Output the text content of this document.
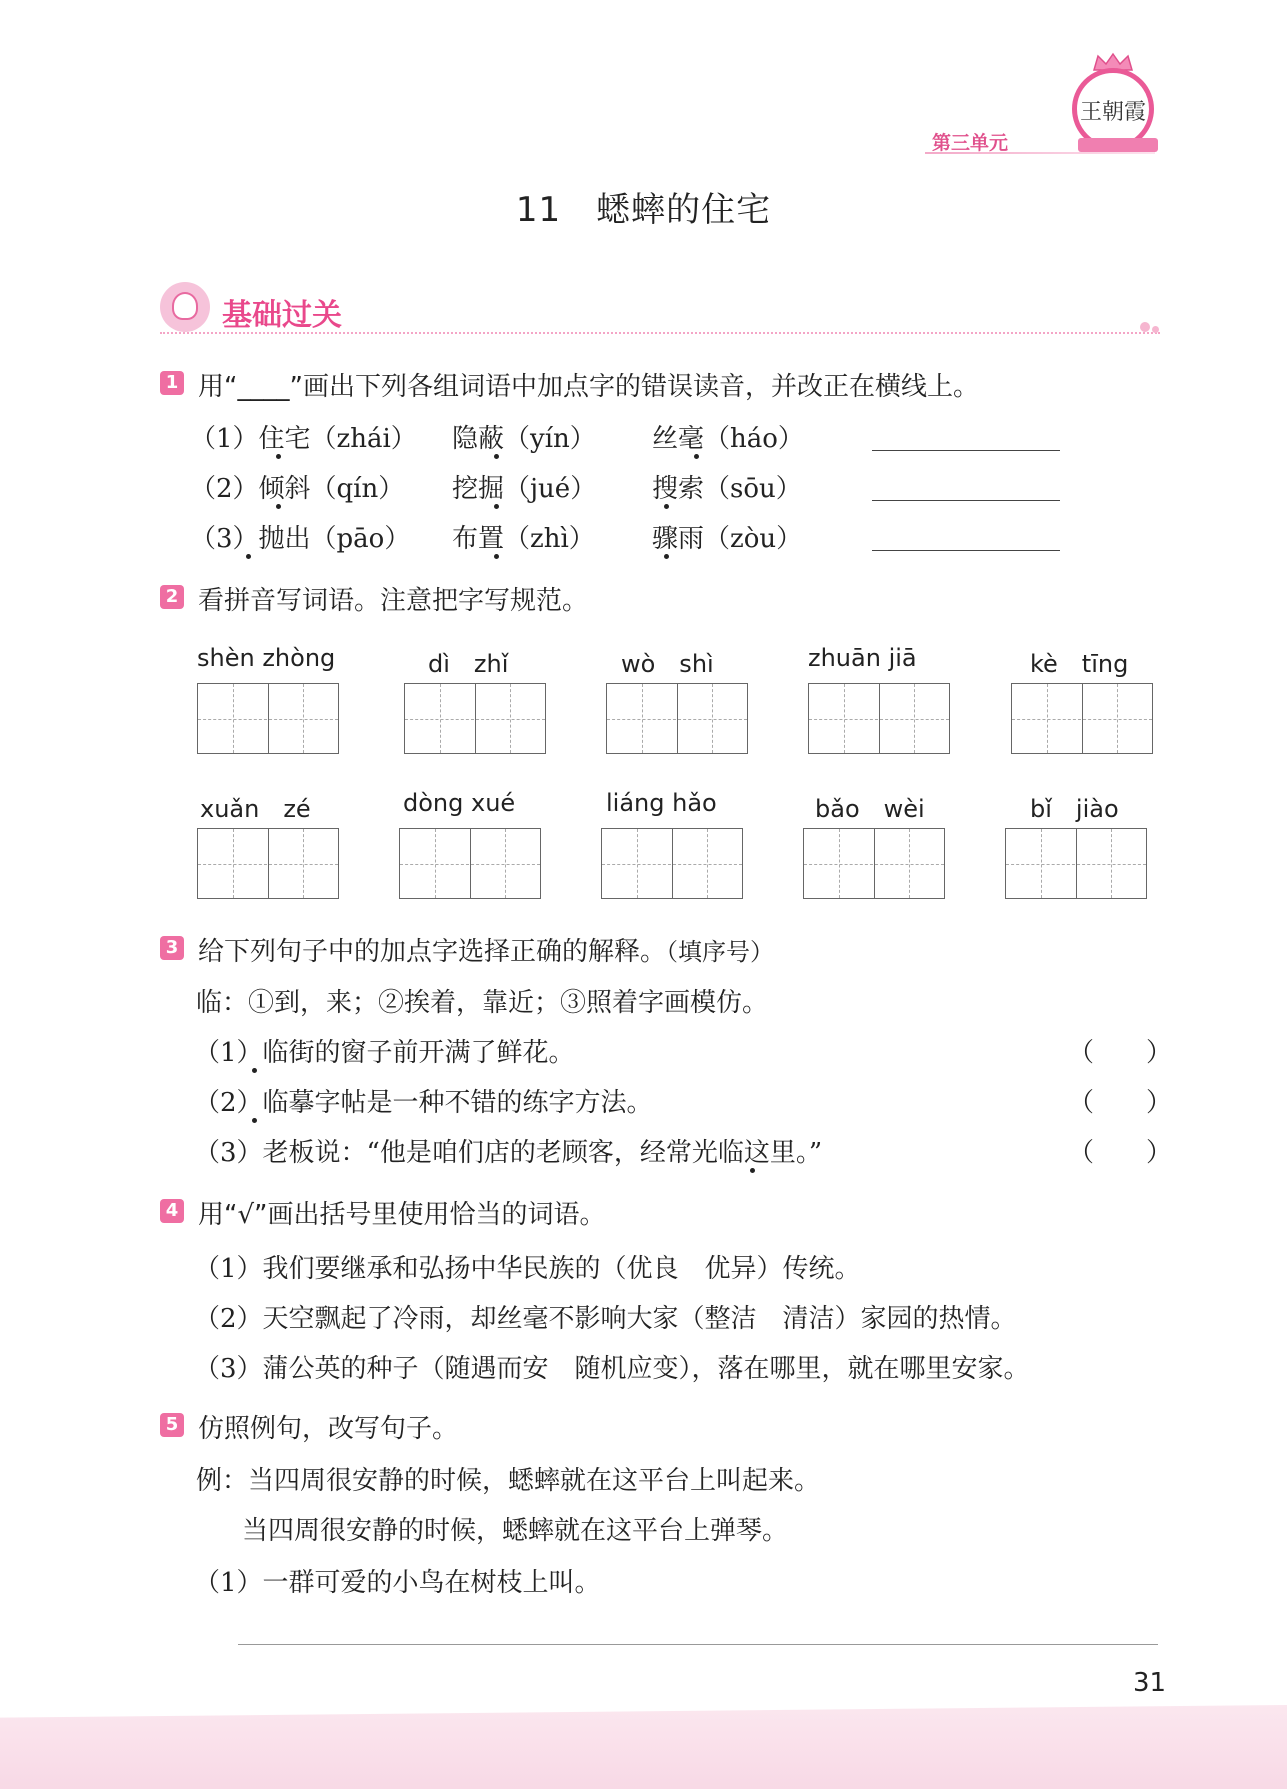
第三单元
王朝霞
11　蟋蟀的住宅
基础过关
1 用“____”画出下列各组词语中加点字的错误读音，并改正在横线上。
（1）住宅（zhái） 隐蔽（yín） 丝毫（háo）
（2）倾斜（qín） 挖掘（jué） 搜索（sōu）
（3）抛出（pāo） 布置（zhì） 骤雨（zòu）
2 看拼音写词语。注意把字写规范。
shèn zhòng	dì　zhǐ	wò　shì	zhuān jiā	kè　tīng
xuǎn　zé	dòng xué	liáng hǎo	bǎo　wèi	bǐ　jiào
3 给下列句子中的加点字选择正确的解释。（填序号）
临：①到，来；②挨着，靠近；③照着字画模仿。
（1）临街的窗子前开满了鲜花。	（　　）
（2）临摹字帖是一种不错的练字方法。	（　　）
（3）老板说：“他是咱们店的老顾客，经常光临这里。”	（　　）
4 用“√”画出括号里使用恰当的词语。
（1）我们要继承和弘扬中华民族的（优良　优异）传统。
（2）天空飘起了冷雨，却丝毫不影响大家（整洁　清洁）家园的热情。
（3）蒲公英的种子（随遇而安　随机应变），落在哪里，就在哪里安家。
5 仿照例句，改写句子。
例：当四周很安静的时候，蟋蟀就在这平台上叫起来。
当四周很安静的时候，蟋蟀就在这平台上弹琴。
（1）一群可爱的小鸟在树枝上叫。
31
